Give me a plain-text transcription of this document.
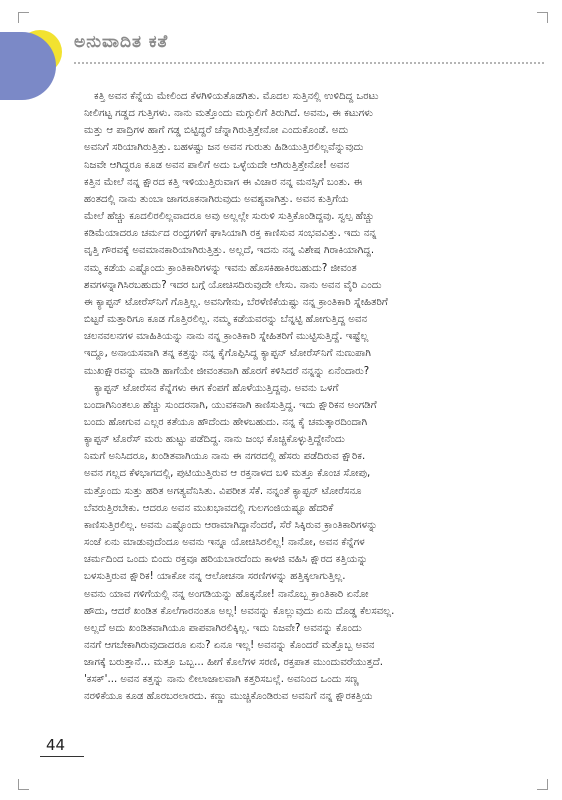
ಅನುವಾದಿತ ಕತೆ

ಕತ್ತಿ ಅವನ ಕೆನ್ನೆಯ ಮೇಲಿಂದ ಕೆಳಗಿಳಿಯತೊಡಗಿತು. ಮೊದಲ ಸುತ್ತಿನಲ್ಲಿ ಉಳಿದಿದ್ದ ಒರಟು
ನೀಲಿಗಟ್ಟ ಗಡ್ಡದ ಗುತ್ತಿಗಳು. ನಾನು ಮತ್ತೊಂದು ಮಗ್ಗುಲಿಗೆ ತಿರುಗಿದೆ. ಅವನು, ಈ ಕಟುಗಳು
ಮತ್ತು ಆ ಪಾದ್ರಿಗಳ ಹಾಗೆ ಗಡ್ಡ ಬಿಟ್ಟಿದ್ದರೆ ಚೆನ್ನಾಗಿರುತ್ತಿತ್ತೇನೋ ಎಂದುಕೊಂಡೆ. ಅದು
ಅವನಿಗೆ ಸರಿಯಾಗಿರುತ್ತಿತ್ತು. ಬಹಳಷ್ಟು ಜನ ಅವನ ಗುರುತು ಹಿಡಿಯುತ್ತಿರಲಿಲ್ಲವೆನ್ನುವುದು
ನಿಜವೇ ಆಗಿದ್ದರೂ ಕೂಡ ಅವನ ಪಾಲಿಗೆ ಅದು ಒಳ್ಳೆಯದೇ ಆಗಿರುತ್ತಿತ್ತೇನೋ! ಅವನ
ಕತ್ತಿನ ಮೇಲೆ ನನ್ನ ಕ್ಷೌರದ ಕತ್ತಿ ಇಳಿಯುತ್ತಿರುವಾಗ ಈ ವಿಚಾರ ನನ್ನ ಮನಸ್ಸಿಗೆ ಬಂತು. ಈ
ಹಂತದಲ್ಲಿ ನಾನು ತುಂಬಾ ಜಾಗರೂಕನಾಗಿರುವುದು ಅವಶ್ಯವಾಗಿತ್ತು. ಅವನ ಕುತ್ತಿಗೆಯ
ಮೇಲೆ ಹೆಚ್ಚು ಕೂದಲಿರಲಿಲ್ಲವಾದರೂ ಅವು ಅಲ್ಲಲ್ಲೇ ಸುರುಳಿ ಸುತ್ತಿಕೊಂಡಿದ್ದವು. ಸ್ವಲ್ಪ ಹೆಚ್ಚು
ಕಡಿಮೆಯಾದರೂ ಚರ್ಮದ ರಂಧ್ರಗಳಿಗೆ ಘಾಸಿಯಾಗಿ ರಕ್ತ ಕಾಣಿಸುವ ಸಂಭವವಿತ್ತು. ಇದು ನನ್ನ
ವೃತ್ತಿ ಗೌರವಕ್ಕೆ ಅವಮಾನಕಾರಿಯಾಗಿರುತ್ತಿತ್ತು. ಅಲ್ಲದೆ, ಇದನು ನನ್ನ ವಿಶೇಷ ಗಿರಾಕಿಯಾಗಿದ್ದ.
ನಮ್ಮ ಕಡೆಯ ಎಷ್ಟೊಂದು ಕ್ರಾಂತಿಕಾರಿಗಳನ್ನು ಇವನು ಹೊಸಕಿಹಾಕಿರಬಹುದು? ಜೀವಂತ
ಶವಗಳನ್ನಾಗಿಸಿರಬಹುದು? ಇದರ ಬಗ್ಗೆ ಯೋಚಿಸದಿರುವುದೇ ಲೇಸು. ನಾನು ಅವನ ವೈರಿ ಎಂದು
ಈ ಕ್ಯಾಪ್ಟನ್ ಟೋರೆಸ್‌ನಿಗೆ ಗೊತ್ತಿಲ್ಲ. ಅವನಿಗೇನು, ಬೆರಳೆಣಿಕೆಯಷ್ಟು ನನ್ನ ಕ್ರಾಂತಿಕಾರಿ ಸ್ನೇಹಿತರಿಗೆ
ಬಿಟ್ಟರೆ ಮತ್ತಾರಿಗೂ ಕೂಡ ಗೊತ್ತಿರಲಿಲ್ಲ. ನಮ್ಮ ಕಡೆಯವರನ್ನು ಬೆನ್ನಟ್ಟಿ ಹೋಗುತ್ತಿದ್ದ ಅವನ
ಚಲನವಲನಗಳ ಮಾಹಿತಿಯನ್ನು ನಾನು ನನ್ನ ಕ್ರಾಂತಿಕಾರಿ ಸ್ನೇಹಿತರಿಗೆ ಮುಟ್ಟಿಸುತ್ತಿದ್ದೆ. ಇಷ್ಟೆಲ್ಲ
ಇದ್ದೂ, ಅನಾಯಸವಾಗಿ ತನ್ನ ಕತ್ತನ್ನು ನನ್ನ ಕೈಗೊಪ್ಪಿಸಿದ್ದ ಕ್ಯಾಪ್ಟನ್ ಟೋರೆಸ್‌ನಿಗೆ ನುಣುಪಾಗಿ
ಮುಖಕ್ಷೌರವನ್ನು ಮಾಡಿ ಹಾಗೆಯೇ ಜೀವಂತವಾಗಿ ಹೊರಗೆ ಕಳಿಸಿದರೆ ನನ್ನನ್ನು ಏನೆಂದಾರು?

ಕ್ಯಾಪ್ಟನ್ ಟೋರೆಸನ ಕೆನ್ನೆಗಳು ಈಗ ಕೆಂಪಗೆ ಹೊಳೆಯುತ್ತಿದ್ದವು. ಅವನು ಒಳಗೆ
ಬಂದಾಗಿನಿಂತಲೂ ಹೆಚ್ಚು ಸುಂದರನಾಗಿ, ಯುವಕನಾಗಿ ಕಾಣಿಸುತ್ತಿದ್ದ. ಇದು ಕ್ಷೌರಿಕನ ಅಂಗಡಿಗೆ
ಬಂದು ಹೋಗುವ ಎಲ್ಲರ ಕತೆಯೂ ಹೌದೆಂದು ಹೇಳಬಹುದು. ನನ್ನ ಕೈ ಚಮತ್ಕಾರದಿಂದಾಗಿ
ಕ್ಯಾಪ್ಟನ್ ಟೊರೆಸ್ ಮರು ಹುಟ್ಟು ಪಡೆದಿದ್ದ. ನಾನು ಜಂಭ ಕೊಚ್ಚಿಕೊಳ್ಳುತ್ತಿದ್ದೇನೆಂದು
ನಿಮಗೆ ಅನಿಸಿದರೂ, ಖಂಡಿತವಾಗಿಯೂ ನಾನು ಈ ನಗರದಲ್ಲಿ ಹೆಸರು ಪಡೆದಿರುವ ಕ್ಷೌರಿಕ.
ಅವನ ಗಲ್ಲದ ಕೆಳಭಾಗದಲ್ಲಿ, ಪುಟಿಯುತ್ತಿರುವ ಆ ರಕ್ತನಾಳದ ಬಳಿ ಮತ್ತೂ ಕೊಂಚ ಸೋಪು,
ಮತ್ತೊಂದು ಸುತ್ತು ಹರಿತ ಅಗತ್ಯವೆನಿಸಿತು. ವಿಪರೀತ ಸೆಕೆ. ನನ್ನಂತೆ ಕ್ಯಾಪ್ಟನ್ ಟೋರೆಸನೂ
ಬೆವರುತ್ತಿರಬೇಕು. ಆದರೂ ಅವನ ಮುಖಭಾವದಲ್ಲಿ ಗುಲಗಂಜಿಯಷ್ಟೂ ಹೆದರಿಕೆ
ಕಾಣಿಸುತ್ತಿರಲಿಲ್ಲ. ಅವನು ಎಷ್ಟೊಂದು ಆರಾಮಾಗಿದ್ದಾನೆಂದರೆ, ಸೆರೆ ಸಿಕ್ಕಿರುವ ಕ್ರಾಂತಿಕಾರಿಗಳನ್ನು
ಸಂಜೆ ಏನು ಮಾಡುವುದೆಂದೂ ಅವನು ಇನ್ನೂ ಯೋಚಿಸಿರಲಿಲ್ಲ! ನಾನೋ, ಅವನ ಕೆನ್ನೆಗಳ
ಚರ್ಮದಿಂದ ಒಂದು ಬಿಂದು ರಕ್ತವೂ ಹರಿಯಬಾರದೆಂದು ಕಾಳಜಿ ವಹಿಸಿ ಕ್ಷೌರದ ಕತ್ತಿಯನ್ನು
ಬಳಸುತ್ತಿರುವ ಕ್ಷೌರಿಕ! ಯಾಕೋ ನನ್ನ ಆಲೋಚನಾ ಸರಣಿಗಳನ್ನು ಹತ್ತಿಕ್ಕಲಾಗುತ್ತಿಲ್ಲ.
ಅವನು ಯಾವ ಗಳಿಗೆಯಲ್ಲಿ ನನ್ನ ಅಂಗಡಿಯನ್ನು ಹೊಕ್ಕನೋ! ನಾನೊಬ್ಬ ಕ್ರಾಂತಿಕಾರಿ ಏನೋ
ಹೌದು, ಆದರೆ ಖಂಡಿತ ಕೊಲೆಗಾರನಂತೂ ಅಲ್ಲ! ಅವನನ್ನು ಕೊಲ್ಲುವುದು ಏನು ದೊಡ್ಡ ಕೆಲಸವಲ್ಲ.
ಅಲ್ಲದೆ ಅದು ಖಂಡಿತವಾಗಿಯೂ ಪಾಪವಾಗಿರಲಿಕ್ಕಿಲ್ಲ. ಇದು ನಿಜವೇ? ಅವನನ್ನು ಕೊಂದು
ನನಗೆ ಆಗಬೇಕಾಗಿರುವುದಾದರೂ ಏನು? ಏನೂ ಇಲ್ಲ! ಅವನನ್ನು ಕೊಂದರೆ ಮತ್ತೊಬ್ಬ ಅವನ
ಜಾಗಕ್ಕೆ ಬರುತ್ತಾನೆ... ಮತ್ತೂ ಒಬ್ಬ... ಹೀಗೆ ಕೊಲೆಗಳ ಸರಣಿ, ರಕ್ತಪಾತ ಮುಂದುವರೆಯುತ್ತದೆ.
'ಕಸಕ್'... ಅವನ ಕತ್ತನ್ನು ನಾನು ಲೀಲಾಜಾಲವಾಗಿ ಕತ್ತರಿಸಬಲ್ಲೆ. ಅವನಿಂದ ಒಂದು ಸಣ್ಣ
ನರಳಿಕೆಯೂ ಕೂಡ ಹೊರಬರಲಾರದು. ಕಣ್ಣು ಮುಚ್ಚಿಕೊಂಡಿರುವ ಅವನಿಗೆ ನನ್ನ ಕ್ಷೌರಕತ್ತಿಯ

44
